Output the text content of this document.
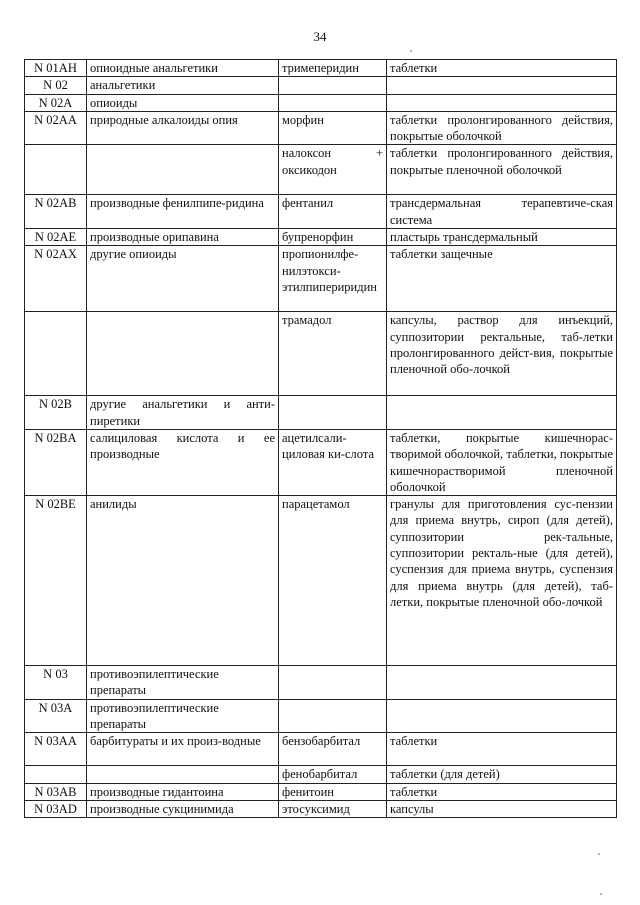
34
N 01AH	опиоидные анальгетики	тримеперидин	таблетки
N 02	анальгетики		
N 02A	опиоиды		
N 02AA	природные алкалоиды опия	морфин	таблетки пролонгированного действия, покрытые оболочкой
		налоксон + оксикодон	таблетки пролонгированного действия, покрытые пленочной оболочкой
N 02AB	производные фенилпипе-ридина	фентанил	трансдермальная терапевтиче-ская система
N 02AE	производные орипавина	бупренорфин	пластырь трансдермальный
N 02AX	другие опиоиды	пропионилфе-нилэтокси-этилпипериридин	таблетки защечные
		трамадол	капсулы, раствор для инъекций, суппозитории ректальные, таб-летки пролонгированного дейст-вия, покрытые пленочной обо-лочкой
N 02B	другие анальгетики и анти-пиретики		
N 02BA	салициловая кислота и ее производные	ацетилсали-циловая ки-слота	таблетки, покрытые кишечнорас-творимой оболочкой, таблетки, покрытые кишечнорастворимой пленочной оболочкой
N 02BE	анилиды	парацетамол	гранулы для приготовления сус-пензии для приема внутрь, сироп (для детей), суппозитории рек-тальные, суппозитории ректаль-ные (для детей), суспензия для приема внутрь, суспензия для приема внутрь (для детей), таб-летки, покрытые пленочной обо-лочкой
N 03	противоэпилептические препараты		
N 03A	противоэпилептические препараты		
N 03AA	барбитураты и их произ-водные	бензобарбитал	таблетки
		фенобарбитал	таблетки (для детей)
N 03AB	производные гидантоина	фенитоин	таблетки
N 03AD	производные сукцинимида	этосуксимид	капсулы
